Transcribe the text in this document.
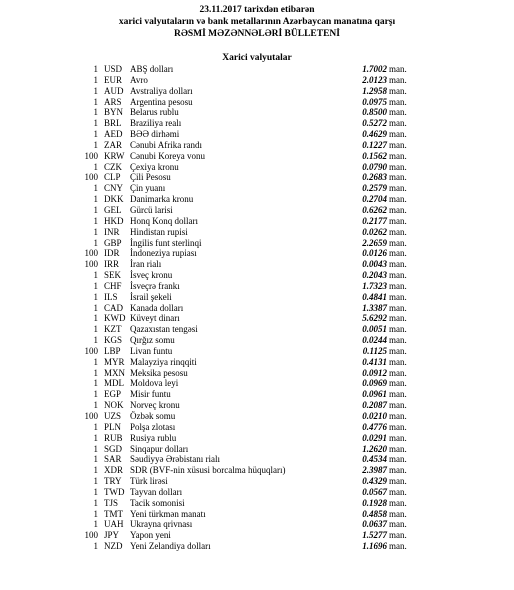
23.11.2017 tarixdən etibarən
xarici valyutaların və bank metallarının Azərbaycan manatına qarşı
RƏSMİ MƏZƏNNƏLƏRİ BÜLLETENİ
Xarici valyutalar
1 USD ABŞ dolları	1.7002 man.
1 EUR Avro	2.0123 man.
1 AUD Avstraliya dolları	1.2958 man.
1 ARS Argentina pesosu	0.0975 man.
1 BYN Belarus rublu	0.8500 man.
1 BRL Braziliya realı	0.5272 man.
1 AED BƏƏ dirhəmi	0.4629 man.
1 ZAR Cənubi Afrika randı	0.1227 man.
100 KRW Cənubi Koreya vonu	0.1562 man.
1 CZK Çexiya kronu	0.0790 man.
100 CLP Çili Pesosu	0.2683 man.
1 CNY Çin yuanı	0.2579 man.
1 DKK Danimarka kronu	0.2704 man.
1 GEL Gürcü larisi	0.6262 man.
1 HKD Honq Konq dolları	0.2177 man.
1 INR Hindistan rupisi	0.0262 man.
1 GBP İngilis funt sterlinqi	2.2659 man.
100 IDR İndoneziya rupiası	0.0126 man.
100 IRR İran rialı	0.0043 man.
1 SEK İsveç kronu	0.2043 man.
1 CHF İsveçrə frankı	1.7323 man.
1 ILS İsrail şekeli	0.4841 man.
1 CAD Kanada dolları	1.3387 man.
1 KWD Küveyt dinarı	5.6292 man.
1 KZT Qazaxıstan tengəsi	0.0051 man.
1 KGS Qırğız somu	0.0244 man.
100 LBP Livan funtu	0.1125 man.
1 MYR Malayziya rinqqiti	0.4131 man.
1 MXN Meksika pesosu	0.0912 man.
1 MDL Moldova leyi	0.0969 man.
1 EGP Misir funtu	0.0961 man.
1 NOK Norveç kronu	0.2087 man.
100 UZS Özbək somu	0.0210 man.
1 PLN Polşa zlotası	0.4776 man.
1 RUB Rusiya rublu	0.0291 man.
1 SGD Sinqapur dolları	1.2620 man.
1 SAR Səudiyyə Ərəbistanı rialı	0.4534 man.
1 XDR SDR (BVF-nin xüsusi borcalma hüquqları)	2.3987 man.
1 TRY Türk lirəsi	0.4329 man.
1 TWD Tayvan dolları	0.0567 man.
1 TJS Tacik somonisi	0.1928 man.
1 TMT Yeni türkmən manatı	0.4858 man.
1 UAH Ukrayna qrivnası	0.0637 man.
100 JPY Yapon yeni	1.5277 man.
1 NZD Yeni Zelandiya dolları	1.1696 man.
